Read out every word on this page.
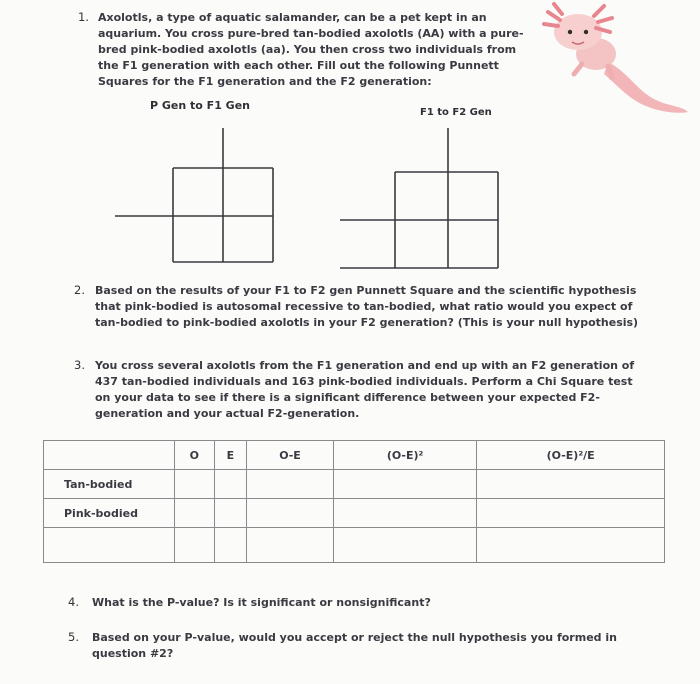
1. Axolotls, a type of aquatic salamander, can be a pet kept in an aquarium. You cross pure-bred tan-bodied axolotls (AA) with a pure-bred pink-bodied axolotls (aa). You then cross two individuals from the F1 generation with each other. Fill out the following Punnett Squares for the F1 generation and the F2 generation:
P Gen to F1 Gen
F1 to F2 Gen
2. Based on the results of your F1 to F2 gen Punnett Square and the scientific hypothesis that pink-bodied is autosomal recessive to tan-bodied, what ratio would you expect of tan-bodied to pink-bodied axolotls in your F2 generation? (This is your null hypothesis)
3. You cross several axolotls from the F1 generation and end up with an F2 generation of 437 tan-bodied individuals and 163 pink-bodied individuals. Perform a Chi Square test on your data to see if there is a significant difference between your expected F2-generation and your actual F2-generation.
	O	E	O-E	(O-E)²	(O-E)²/E
Tan-bodied					
Pink-bodied					

4. What is the P-value? Is it significant or nonsignificant?
5. Based on your P-value, would you accept or reject the null hypothesis you formed in question #2?
